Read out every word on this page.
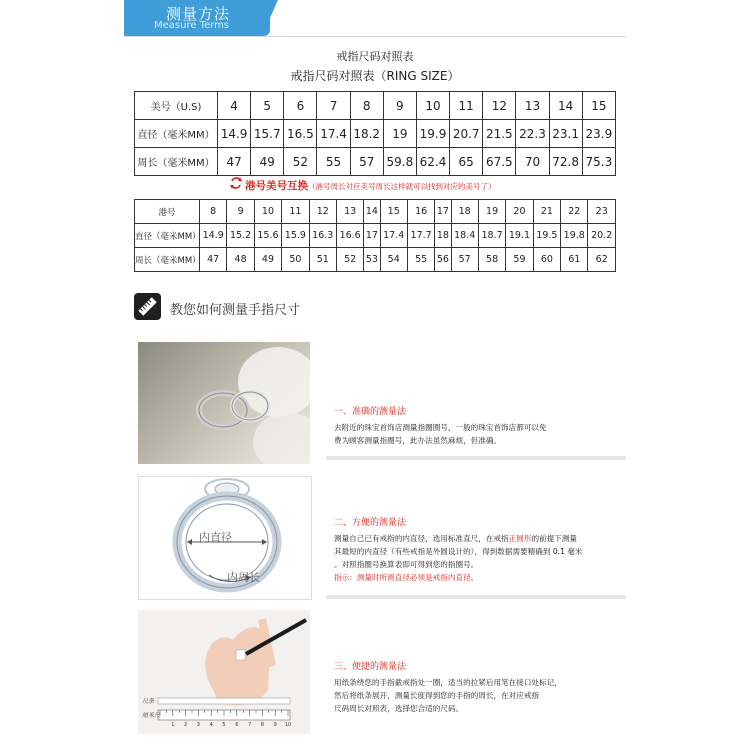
测量方法
Measure Terms
戒指尺码对照表
戒指尺码对照表（RING SIZE）
美号（U.S)	4	5	6	7	8	9	10	11	12	13	14	15
直径（毫米MM）	14.9	15.7	16.5	17.4	18.2	19	19.9	20.7	21.5	22.3	23.1	23.9
周长（毫米MM）	47	49	52	55	57	59.8	62.4	65	67.5	70	72.8	75.3
港号美号互换（港号周长对应美号周长这样就可以找到对应的美号了）
港号	8	9	10	11	12	13	14	15	16	17	18	19	20	21	22	23
直径（毫米MM）	14.9	15.2	15.6	15.9	16.3	16.6	17	17.4	17.7	18	18.4	18.7	19.1	19.5	19.8	20.2
周长（毫米MM）	47	48	49	50	51	52	53	54	55	56	57	58	59	60	61	62
教您如何测量手指尺寸
一、准确的测量法
去附近的珠宝首饰店测量指圈圈号，一般的珠宝首饰店都可以免
费为顾客测量指圈号，此办法虽然麻烦，但准确。
内直径
内周长
二、方便的测量法
测量自己已有戒指的内直径，选用标准直尺，在戒指正圆形的前提下测量
其最短的内直径（有些戒指是外圆设计的），得到数据需要精确到 0.1 毫米
。对照指圈号换算表即可得到您的指圈号。
指示：测量时所测直径必须是戒指内直径。
1 2 3 4 5 6 7 8 9 10
尺条
厘米尺
三、便捷的测量法
用纸条绕您的手指截戒指处一圈，适当的拉紧后用笔在接口处标记，
然后将纸条展开，测量长度得到您的手指的周长，在对应戒指
尺码周长对照表，选择您合适的尺码。
